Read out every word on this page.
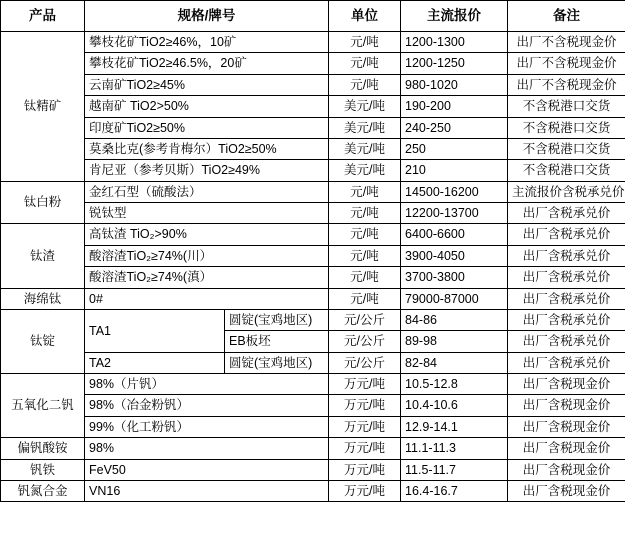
产品	规格/牌号		单位	主流报价	备注
钛精矿	攀枝花矿TiO2≥46%，10矿		元/吨	1200-1300	出厂不含税现金价
	攀枝花矿TiO2≥46.5%，20矿		元/吨	1200-1250	出厂不含税现金价
	云南矿TiO2≥45%		元/吨	980-1020	出厂不含税现金价
	越南矿 TiO2>50%		美元/吨	190-200	不含税港口交货
	印度矿TiO2≥50%		美元/吨	240-250	不含税港口交货
	莫桑比克(参考肯梅尔）TiO2≥50%		美元/吨	250	不含税港口交货
	肯尼亚（参考贝斯）TiO2≥49%		美元/吨	210	不含税港口交货
钛白粉	金红石型（硫酸法）		元/吨	14500-16200	主流报价含税承兑价
	锐钛型		元/吨	12200-13700	出厂含税承兑价
钛渣	高钛渣 TiO₂>90%		元/吨	6400-6600	出厂含税承兑价
	酸溶渣TiO₂≥74%(川）		元/吨	3900-4050	出厂含税承兑价
	酸溶渣TiO₂≥74%(滇）		元/吨	3700-3800	出厂含税承兑价
海绵钛	0#		元/吨	79000-87000	出厂含税承兑价
钛锭	TA1	圆锭(宝鸡地区)	元/公斤	84-86	出厂含税承兑价
		EB板坯	元/公斤	89-98	出厂含税承兑价
	TA2	圆锭(宝鸡地区)	元/公斤	82-84	出厂含税承兑价
五氧化二钒	98%（片钒）		万元/吨	10.5-12.8	出厂含税现金价
	98%（冶金粉钒）		万元/吨	10.4-10.6	出厂含税现金价
	99%（化工粉钒）		万元/吨	12.9-14.1	出厂含税现金价
偏钒酸铵	98%		万元/吨	11.1-11.3	出厂含税现金价
钒铁	FeV50		万元/吨	11.5-11.7	出厂含税现金价
钒氮合金	VN16		万元/吨	16.4-16.7	出厂含税现金价
